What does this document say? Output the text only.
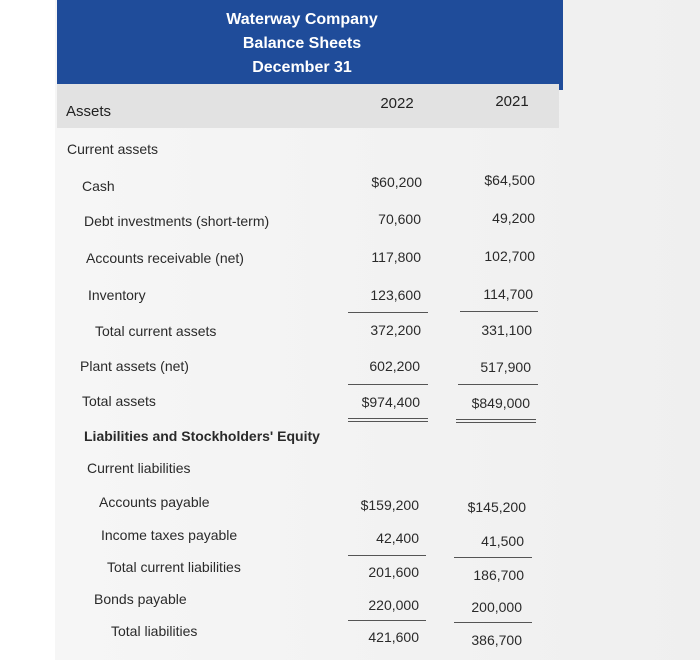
Waterway Company
Balance Sheets
December 31
Assets	2022	2021
Current assets
Cash
Debt investments (short-term)
Accounts receivable (net)
Inventory
Total current assets
Plant assets (net)
Total assets
Liabilities and Stockholders' Equity
Current liabilities
Accounts payable
Income taxes payable
Total current liabilities
Bonds payable
Total liabilities
$60,200
70,600
117,800
123,600
372,200
602,200
$974,400
$159,200
42,400
201,600
220,000
421,600
$64,500
49,200
102,700
114,700
331,100
517,900
$849,000
$145,200
41,500
186,700
200,000
386,700
